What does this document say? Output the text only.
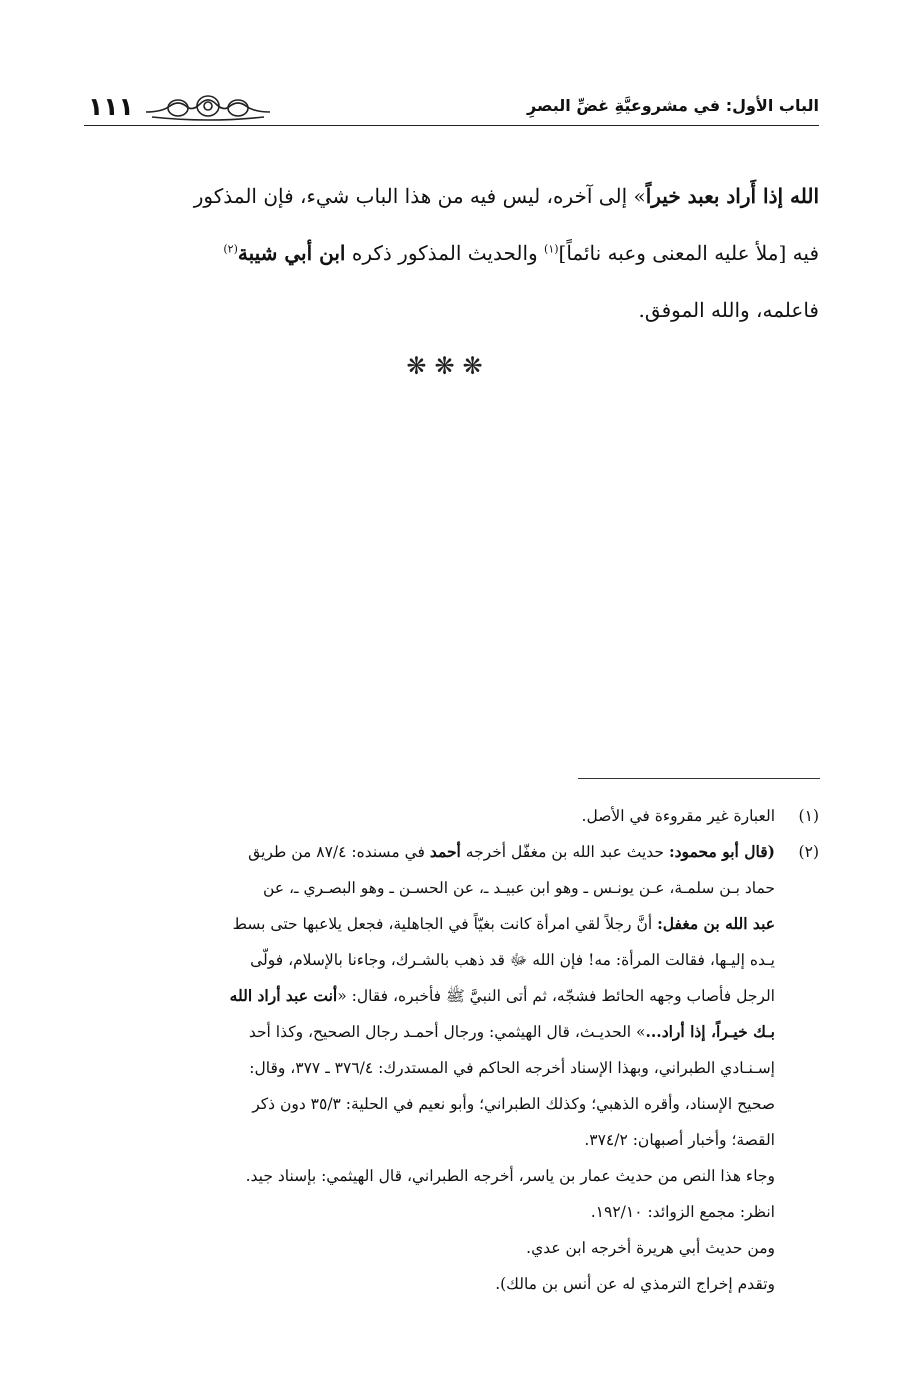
١١١	الباب الأول: في مشروعيَّةِ غضِّ البصرِ

الله إذا أَراد بعبد خيراً» إلى آخره، ليس فيه من هذا الباب شيء، فإن المذكور

فيه [ملأ عليه المعنى وعبه نائماً]$^{(١)}$ والحديث المذكور ذكره ابن أبي شيبة$^{(٢)}$

فاعلمه، والله الموفق.

❋❋❋
(١)
العبارة غير مقروءة في الأصل.
(٢)
(قال أبو محمود: حديث عبد الله بن مغفّل أخرجه أحمد في مسنده: ٨٧/٤ من طريق
حماد بـن سلمـة، عـن يونـس ـ وهو ابن عبيـد ـ، عن الحسـن ـ وهو البصـري ـ، عن
عبد الله بن مغفل: أنَّ رجلاً لقي امرأة كانت بغيّاً في الجاهلية، فجعل يلاعبها حتى بسط
يـده إليـها، فقالت المرأة: مه! فإن الله ﷻ قد ذهب بالشـرك، وجاءنا بالإسلام، فولّى
الرجل فأصاب وجهه الحائط فشجّه، ثم أتى النبيَّ ﷺ فأخبره، فقال: «أنت عبد أراد الله
بـك خيـراً، إذا أراد...» الحديـث، قال الهيثمي: ورجال أحمـد رجال الصحيح، وكذا أحد
إسـنـادي الطبراني، وبهذا الإسناد أخرجه الحاكم في المستدرك: ٣٧٦/٤ ـ ٣٧٧، وقال:
صحيح الإسناد، وأقره الذهبي؛ وكذلك الطبراني؛ وأبو نعيم في الحلية: ٣٥/٣ دون ذكر
القصة؛ وأخبار أصبهان: ٣٧٤/٢.
وجاء هذا النص من حديث عمار بن ياسر، أخرجه الطبراني، قال الهيثمي: بإسناد جيد.
انظر: مجمع الزوائد: ١٩٢/١٠.
ومن حديث أبي هريرة أخرجه ابن عدي.
وتقدم إخراج الترمذي له عن أنس بن مالك).
